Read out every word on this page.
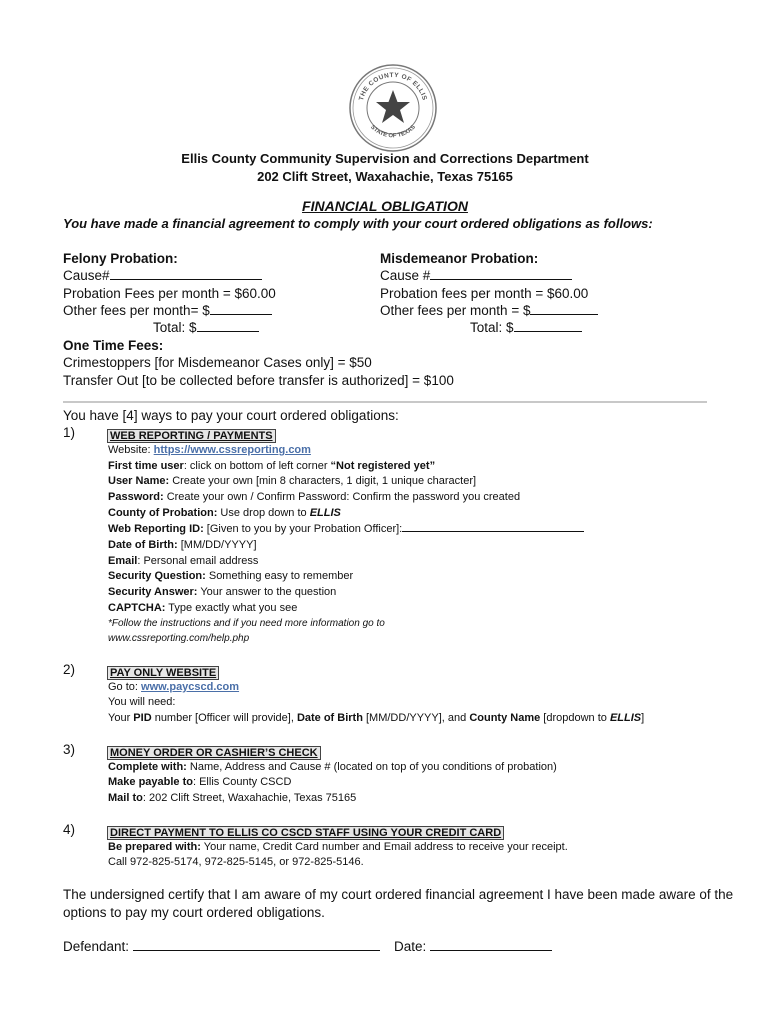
THE COUNTY OF ELLIS
STATE OF TEXAS
Ellis County Community Supervision and Corrections Department
202 Clift Street, Waxahachie, Texas 75165
FINANCIAL OBLIGATION
You have made a financial agreement to comply with your court ordered obligations as follows:
Felony Probation:
Cause#
Probation Fees per month = $60.00
Other fees per month= $
Total: $
Misdemeanor Probation:
Cause #
Probation fees per month = $60.00
Other fees per month = $
Total: $
One Time Fees:
Crimestoppers [for Misdemeanor Cases only] = $50
Transfer Out [to be collected before transfer is authorized] = $100
You have [4] ways to pay your court ordered obligations:
1)	WEB REPORTING / PAYMENTS
Website: https://www.cssreporting.com
First time user: click on bottom of left corner “Not registered yet”
User Name: Create your own [min 8 characters, 1 digit, 1 unique character]
Password: Create your own / Confirm Password: Confirm the password you created
County of Probation: Use drop down to ELLIS
Web Reporting ID: [Given to you by your Probation Officer]:
Date of Birth: [MM/DD/YYYY]
Email: Personal email address
Security Question: Something easy to remember
Security Answer: Your answer to the question
CAPTCHA: Type exactly what you see
*Follow the instructions and if you need more information go to
www.cssreporting.com/help.php
2)	PAY ONLY WEBSITE
Go to: www.paycscd.com
You will need:
Your PID number [Officer will provide], Date of Birth [MM/DD/YYYY], and County Name [dropdown to ELLIS]
3)	MONEY ORDER OR CASHIER’S CHECK
Complete with: Name, Address and Cause # (located on top of you conditions of probation)
Make payable to: Ellis County CSCD
Mail to: 202 Clift Street, Waxahachie, Texas 75165
4)	DIRECT PAYMENT TO ELLIS CO CSCD STAFF USING YOUR CREDIT CARD
Be prepared with: Your name, Credit Card number and Email address to receive your receipt.
Call 972-825-5174, 972-825-5145, or 972-825-5146.
The undersigned certify that I am aware of my court ordered financial agreement I have been made aware of the
options to pay my court ordered obligations.
Defendant:	Date:
